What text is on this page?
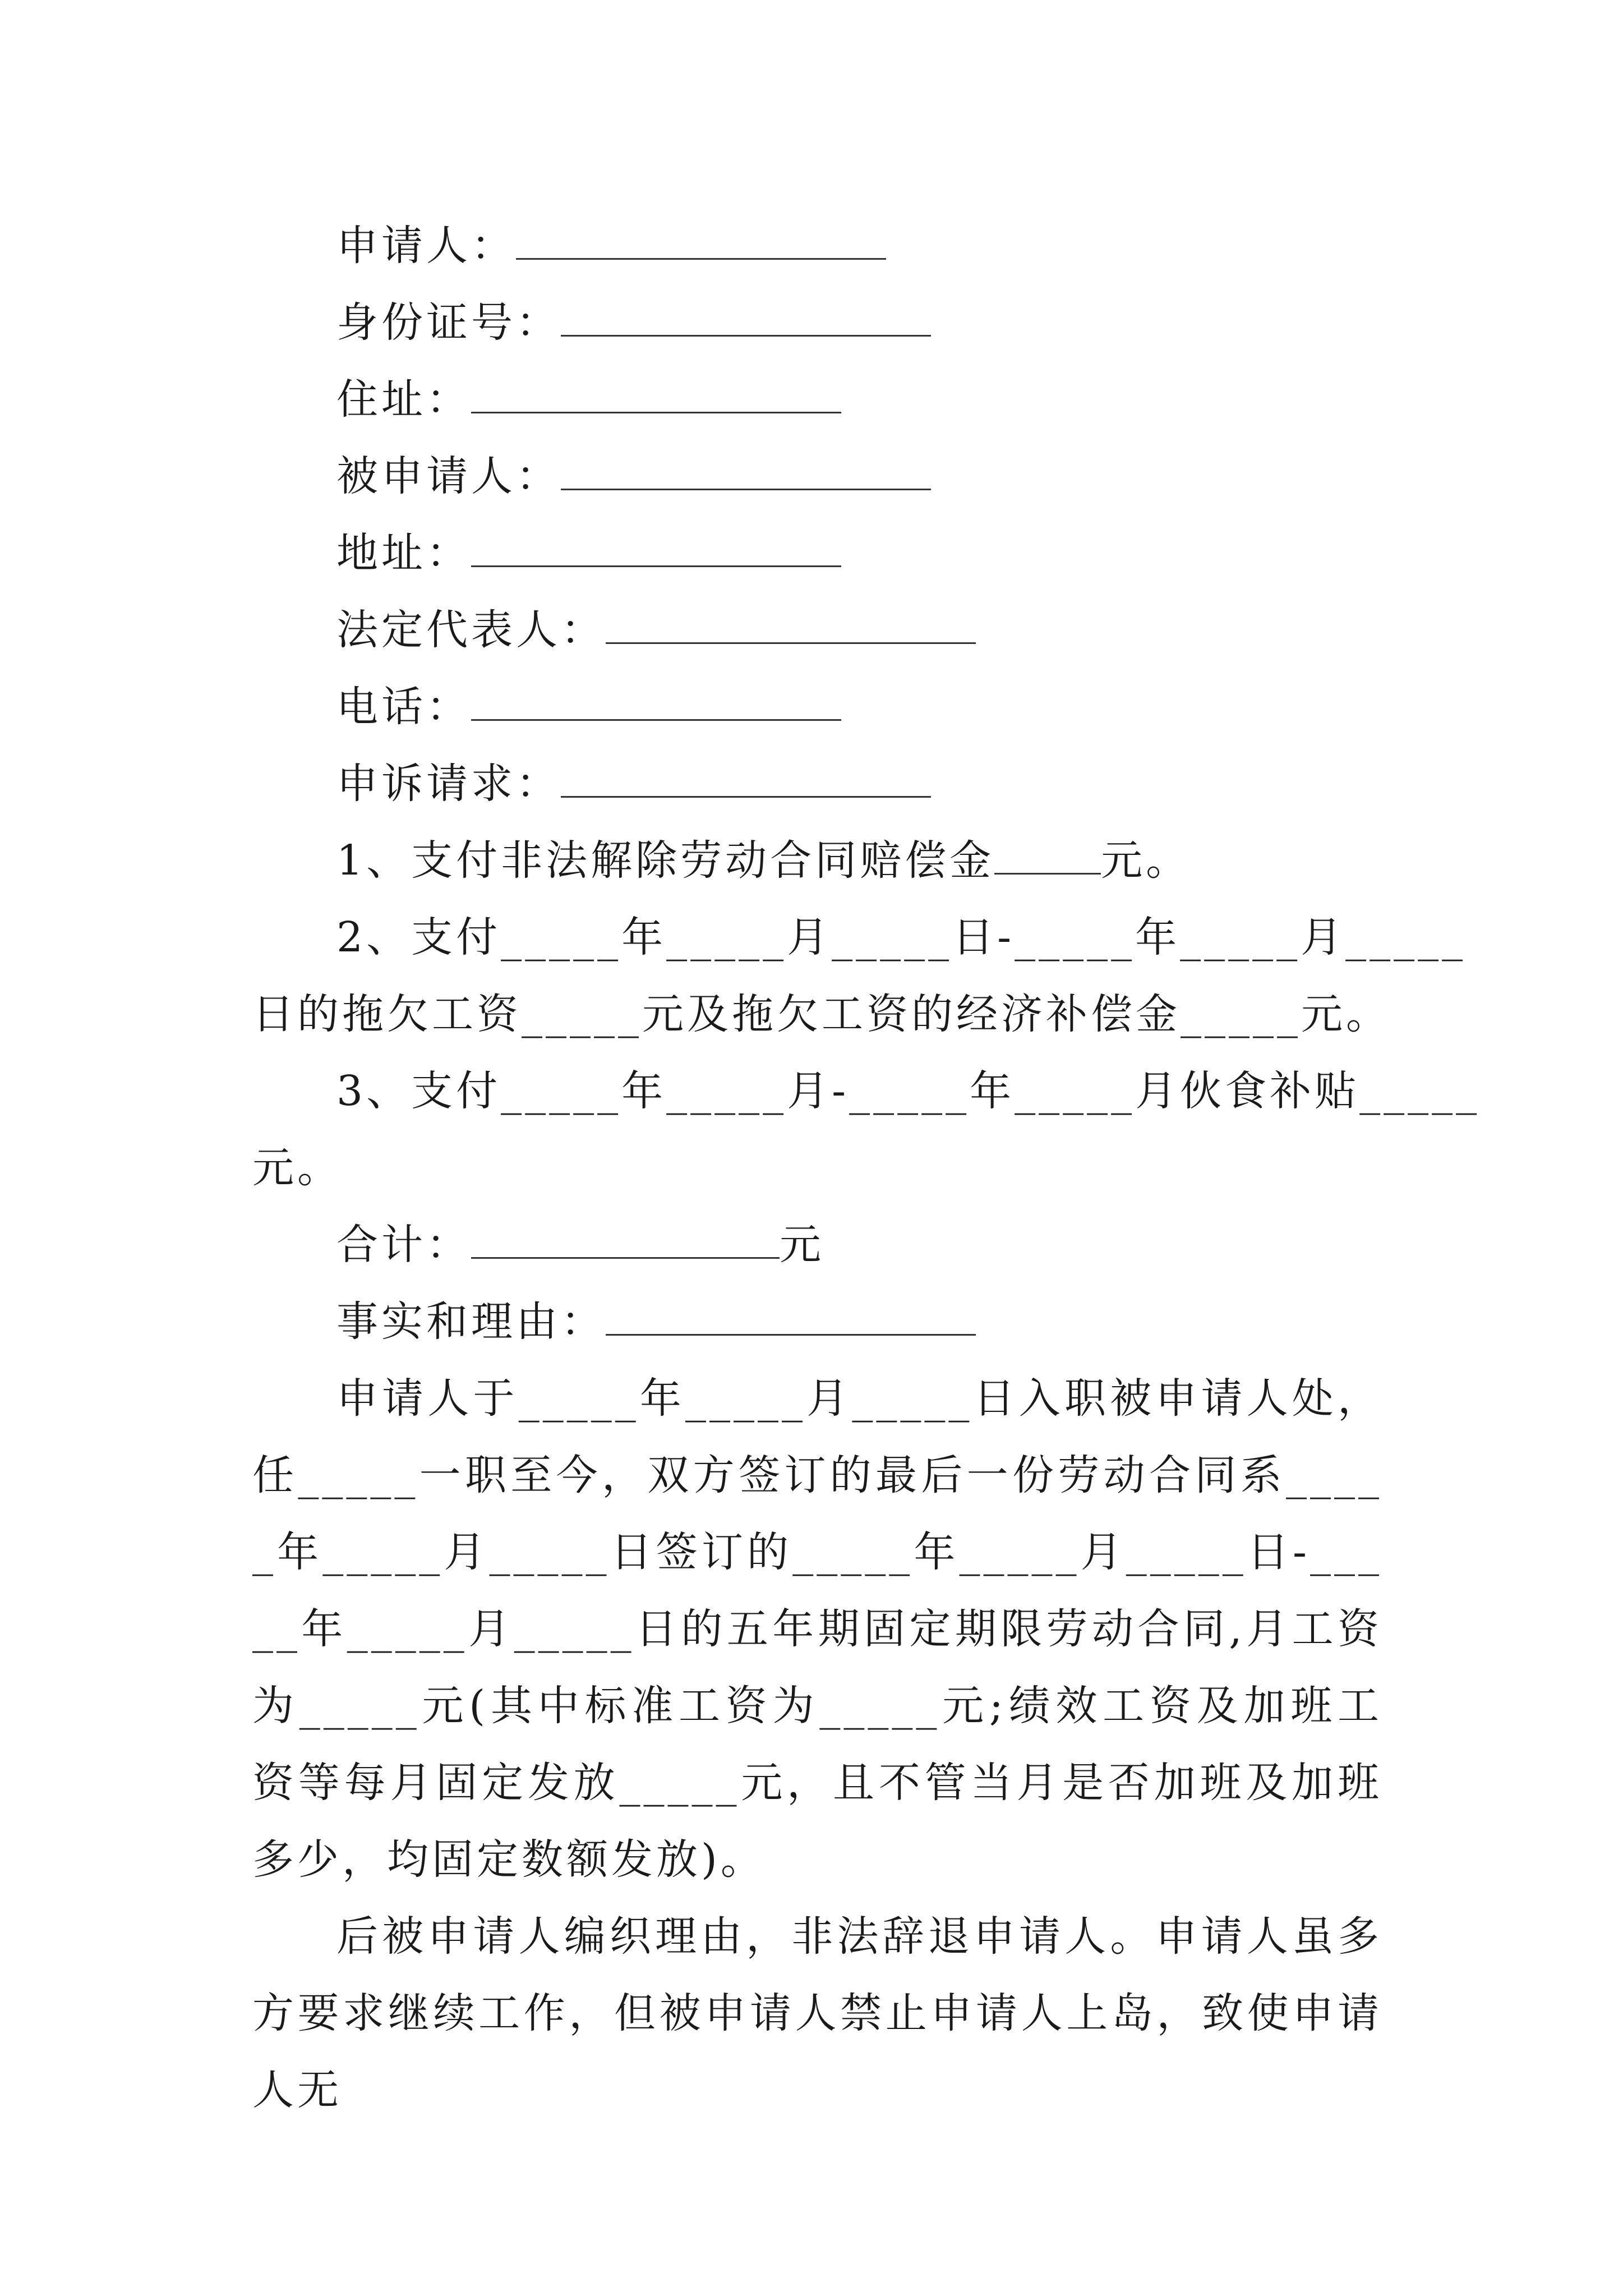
申请人：
身份证号：
住址：
被申请人：
地址：
法定代表人：
电话：
申诉请求：
1、支付非法解除劳动合同赔偿金	元。
2、支付_____年_____月_____日-_____年_____月_____
日的拖欠工资_____元及拖欠工资的经济补偿金_____元。
3、支付_____年_____月-_____年_____月伙食补贴_____
元。
合计：	元
事实和理由：
申请人于_____年_____月_____日入职被申请人处，任_____一职至今，双方签订的最后一份劳动合同系_____年_____月_____日签订的_____年_____月_____日-_____年_____月_____日的五年期固定期限劳动合同,月工资为_____元(其中标准工资为_____元;绩效工资及加班工资等每月固定发放_____元，且不管当月是否加班及加班多少，均固定数额发放)。
后被申请人编织理由，非法辞退申请人。申请人虽多方要求继续工作，但被申请人禁止申请人上岛，致使申请人无
